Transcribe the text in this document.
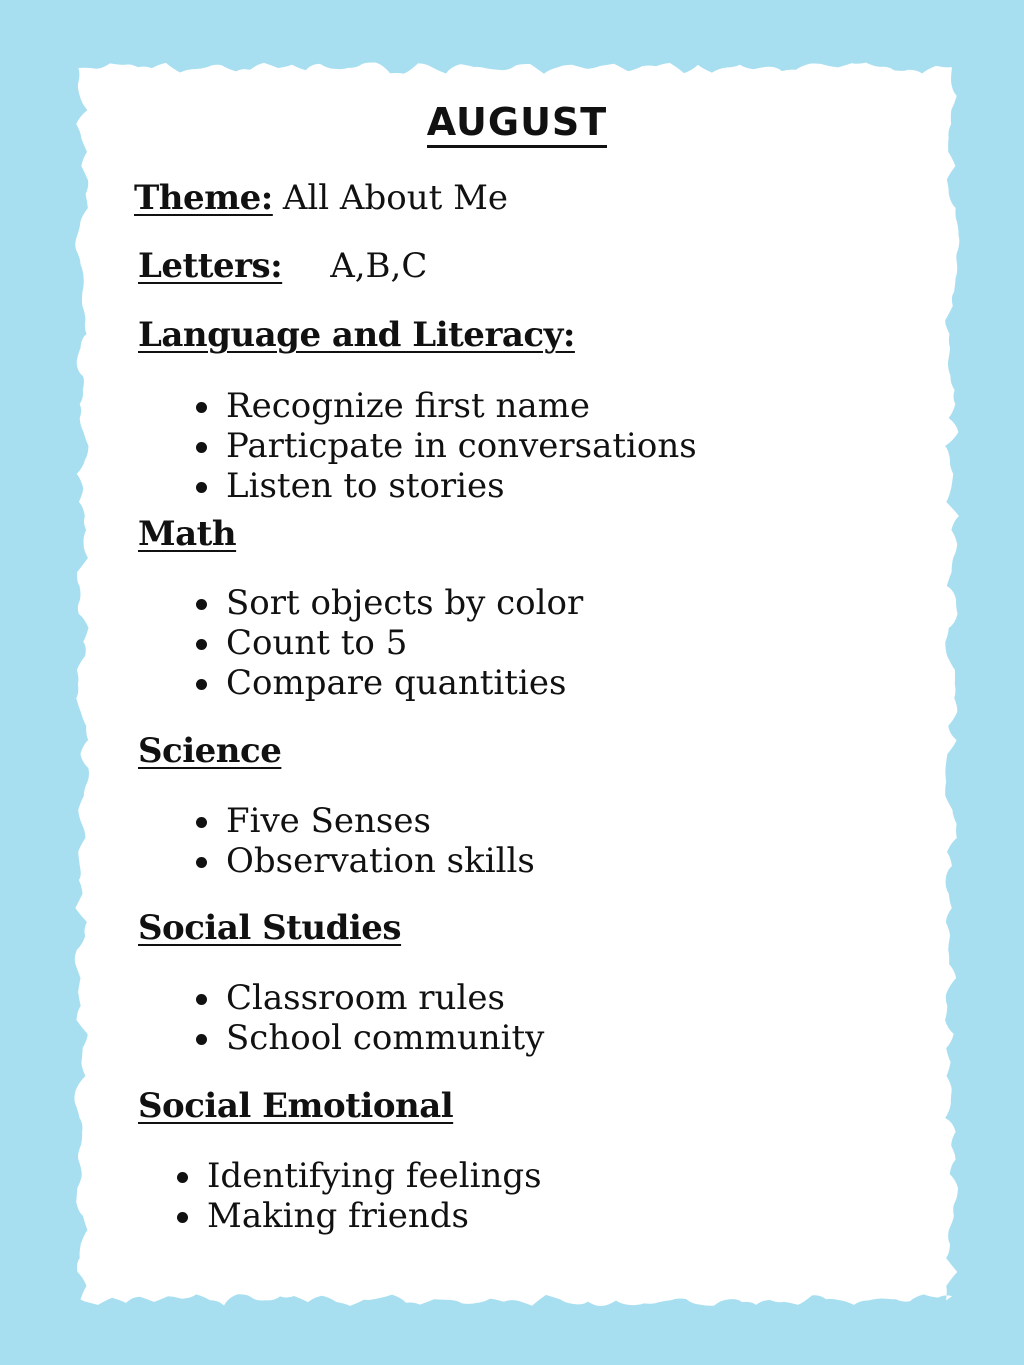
AUGUST
Theme: All About Me
Letters: A,B,C
Language and Literacy:
Recognize first name
Particpate in conversations
Listen to stories
Math
Sort objects by color
Count to 5
Compare quantities
Science
Five Senses
Observation skills
Social Studies
Classroom rules
School community
Social Emotional
Identifying feelings
Making friends
